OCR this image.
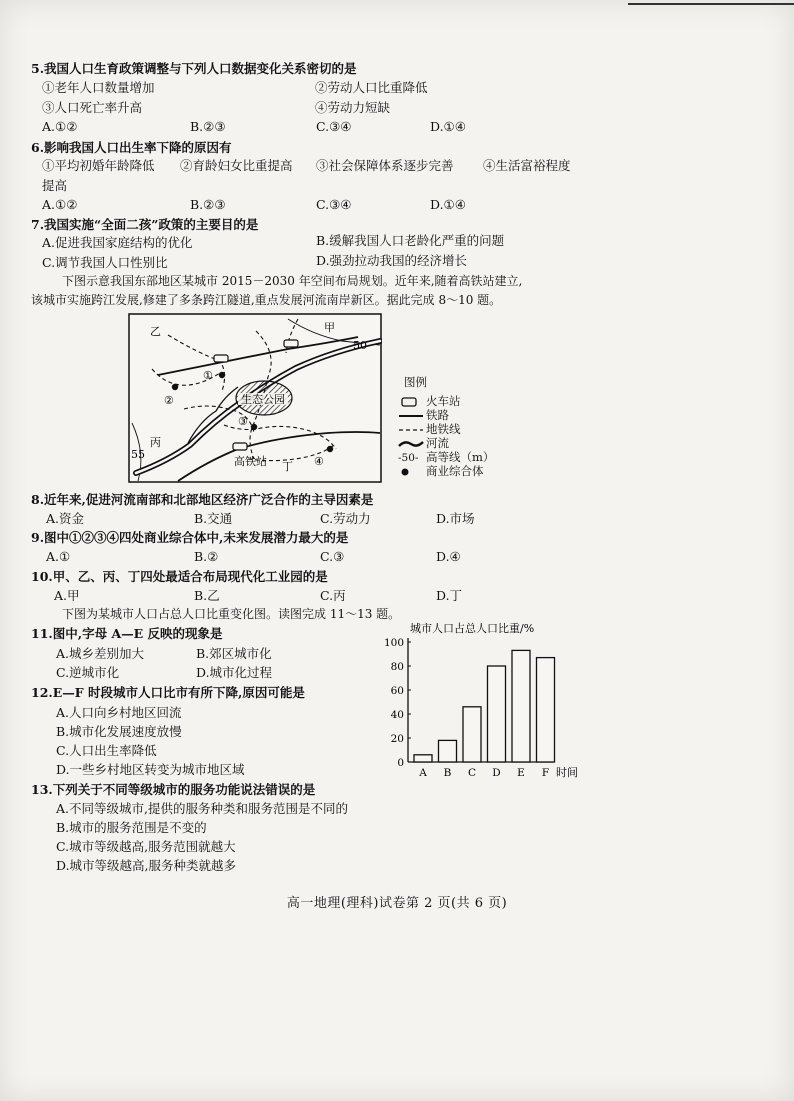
5.我国人口生育政策调整与下列人口数据变化关系密切的是
①老年人口数量增加	②劳动人口比重降低
③人口死亡率升高	④劳动力短缺
A.①②	B.②③	C.③④	D.①④
6.影响我国人口出生率下降的原因有
①平均初婚年龄降低 ②育龄妇女比重提高 ③社会保障体系逐步完善 ④生活富裕程度
提高
A.①②	B.②③	C.③④	D.①④
7.我国实施“全面二孩”政策的主要目的是
A.促进我国家庭结构的优化	B.缓解我国人口老龄化严重的问题
C.调节我国人口性别比	D.强劲拉动我国的经济增长
下图示意我国东部地区某城市 2015－2030 年空间布局规划。近年来,随着高铁站建立,
该城市实施跨江发展,修建了多条跨江隧道,重点发展河流南岸新区。据此完成 8～10 题。
生态公园
乙	甲
丙
丁
50
55
高铁站
①
②
③
④
图例
火车站
铁路
地铁线
河流
-50- 高等线（m）
商业综合体
8.近年来,促进河流南部和北部地区经济广泛合作的主导因素是
A.资金	B.交通	C.劳动力	D.市场
9.图中①②③④四处商业综合体中,未来发展潜力最大的是
A.①	B.②	C.③	D.④
10.甲、乙、丙、丁四处最适合布局现代化工业园的是
A.甲	B.乙	C.丙	D.丁
下图为某城市人口占总人口比重变化图。读图完成 11～13 题。
11.图中,字母 A—E 反映的现象是
A.城乡差别加大	B.郊区城市化
C.逆城市化	D.城市化过程
12.E—F 时段城市人口比市有所下降,原因可能是
A.人口向乡村地区回流
B.城市化发展速度放慢
C.人口出生率降低
D.一些乡村地区转变为城市地区域
13.下列关于不同等级城市的服务功能说法错误的是
A.不同等级城市,提供的服务种类和服务范围是不同的
B.城市的服务范围是不变的
C.城市等级越高,服务范围就越大
D.城市等级越高,服务种类就越多
城市人口占总人口比重/%
0
20
40
60
80
100
A B C D E F 时间
高一地理(理科)试卷第 2 页(共 6 页)
